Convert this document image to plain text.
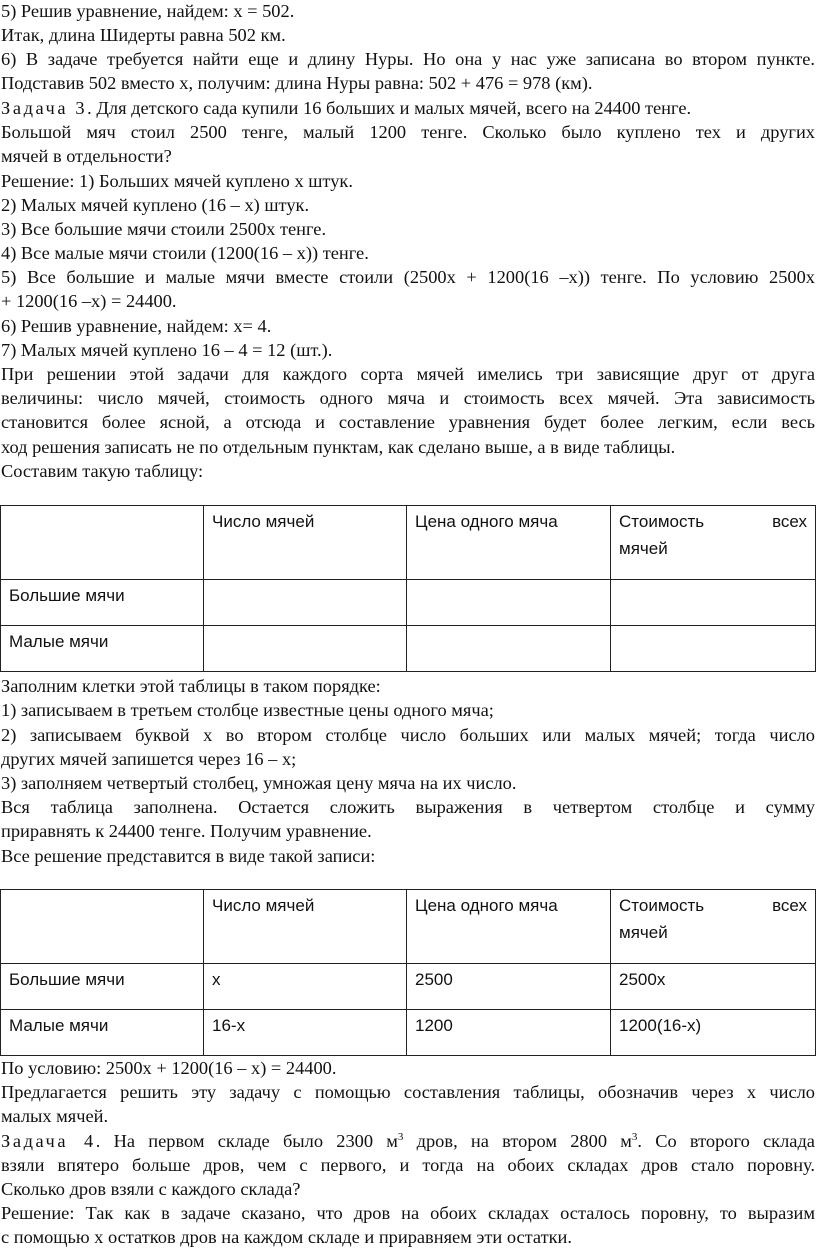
5) Решив уравнение, найдем: х = 502.
Итак, длина Шидерты равна 502 км.
6) В задаче требуется найти еще и длину Нуры. Но она у нас уже записана во втором пункте.
Подставив 502 вместо х, получим: длина Нуры равна: 502 + 476 = 978 (км).
Задача 3. Для детского сада купили 16 больших и малых мячей, всего на 24400 тенге.
Большой мяч стоил 2500 тенге, малый 1200 тенге. Сколько было куплено тех и других
мячей в отдельности?
Решение: 1) Больших мячей куплено х штук.
2) Малых мячей куплено (16 – х) штук.
3) Все большие мячи стоили 2500х тенге.
4) Все малые мячи стоили (1200(16 – х)) тенге.
5) Все большие и малые мячи вместе стоили (2500х + 1200(16 –х)) тенге. По условию 2500х
+ 1200(16 –х) = 24400.
6) Решив уравнение, найдем: х= 4.
7) Малых мячей куплено 16 – 4 = 12 (шт.).
При решении этой задачи для каждого сорта мячей имелись три зависящие друг от друга
величины: число мячей, стоимость одного мяча и стоимость всех мячей. Эта зависимость
становится более ясной, а отсюда и составление уравнения будет более легким, если весь
ход решения записать не по отдельным пунктам, как сделано выше, а в виде таблицы.
Составим такую таблицу:
	Число мячей	Цена одного мяча	Стоимость всех
мячей

Большие мячи			
Малые мячи			
Заполним клетки этой таблицы в таком порядке:
1) записываем в третьем столбце известные цены одного мяча;
2) записываем буквой х во втором столбце число больших или малых мячей; тогда число
других мячей запишется через 16 – х;
3) заполняем четвертый столбец, умножая цену мяча на их число.
Вся таблица заполнена. Остается сложить выражения в четвертом столбце и сумму
приравнять к 24400 тенге. Получим уравнение.
Все решение представится в виде такой записи:
	Число мячей	Цена одного мяча	Стоимость всех
мячей

Большие мячи	х	2500	2500х
Малые мячи	16-х	1200	1200(16-х)
По условию: 2500х + 1200(16 – х) = 24400.
Предлагается решить эту задачу с помощью составления таблицы, обозначив через х число
малых мячей.
Задача 4. На первом складе было 2300 $м^3$ дров, на втором 2800 $м^3$. Со второго склада
взяли впятеро больше дров, чем с первого, и тогда на обоих складах дров стало поровну.
Сколько дров взяли с каждого склада?
Решение: Так как в задаче сказано, что дров на обоих складах осталось поровну, то выразим
с помощью х остатков дров на каждом складе и приравняем эти остатки.
